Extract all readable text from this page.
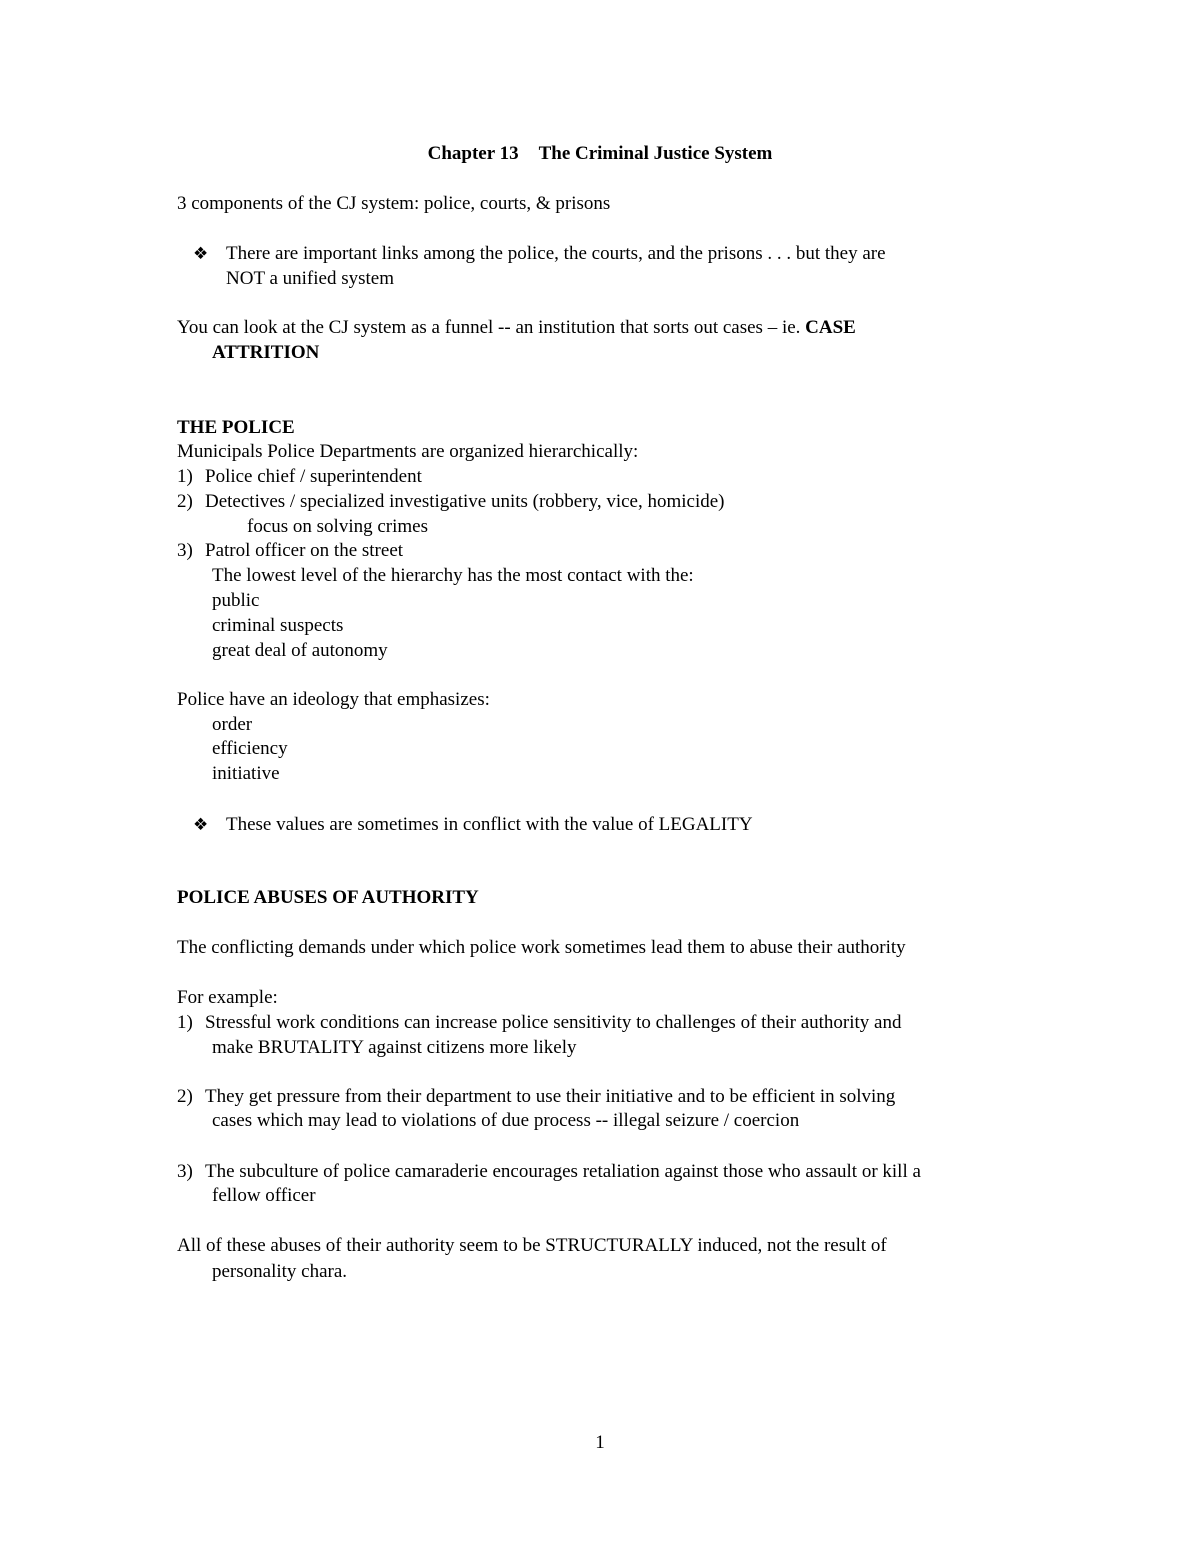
Chapter 13 The Criminal Justice System
3 components of the CJ system: police, courts, & prisons
❖ There are important links among the police, the courts, and the prisons . . . but they are
NOT a unified system
You can look at the CJ system as a funnel -- an institution that sorts out cases – ie. CASE
ATTRITION
THE POLICE
Municipals Police Departments are organized hierarchically:
1) Police chief / superintendent
2) Detectives / specialized investigative units (robbery, vice, homicide)
focus on solving crimes
3) Patrol officer on the street
The lowest level of the hierarchy has the most contact with the:
public
criminal suspects
great deal of autonomy
Police have an ideology that emphasizes:
order
efficiency
initiative
❖ These values are sometimes in conflict with the value of LEGALITY
POLICE ABUSES OF AUTHORITY
The conflicting demands under which police work sometimes lead them to abuse their authority
For example:
1) Stressful work conditions can increase police sensitivity to challenges of their authority and
make BRUTALITY against citizens more likely
2) They get pressure from their department to use their initiative and to be efficient in solving
cases which may lead to violations of due process -- illegal seizure / coercion
3) The subculture of police camaraderie encourages retaliation against those who assault or kill a
fellow officer
All of these abuses of their authority seem to be STRUCTURALLY induced, not the result of
personality chara.
1
